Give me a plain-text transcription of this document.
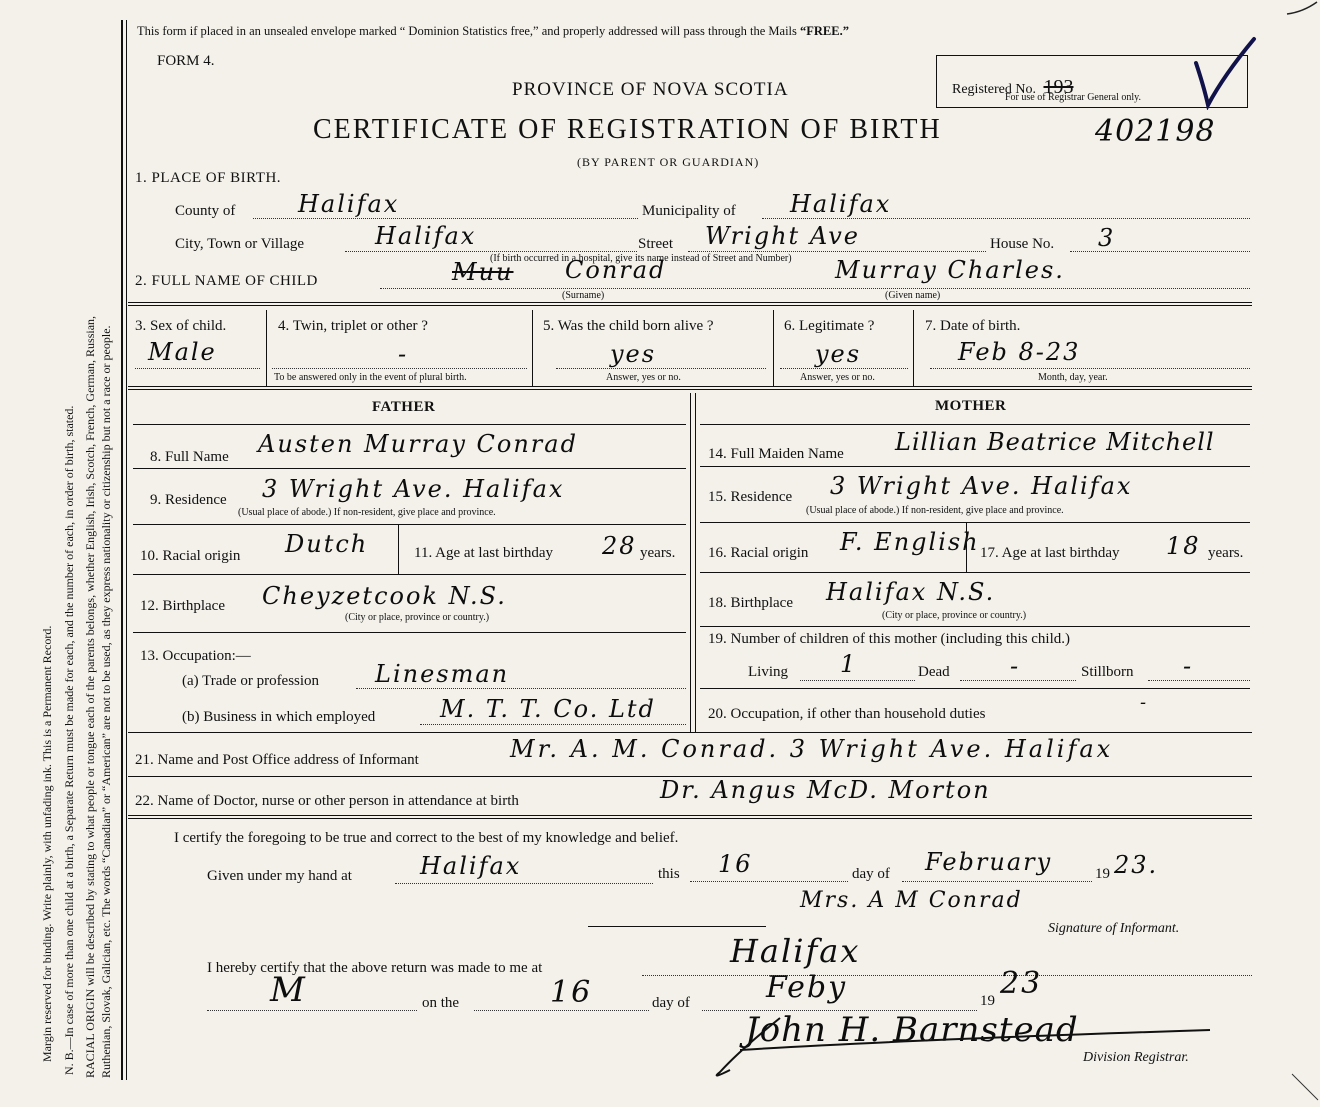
Margin reserved for binding. Write plainly, with unfading ink. This is a Permanent Record. N. B.—In case of more than one child at a birth, a Separate Return must be made for each, and the number of each, in order of birth, stated. RACIAL ORIGIN will be described by stating to what people or tongue each of the parents belongs, whether English, Irish, Scotch, French, German, Russian, Ruthenian, Slovak, Galician, etc. The words “Canadian” or “American” are not to be used, as they express nationality or citizenship but not a race or people.
This form if placed in an unsealed envelope marked “ Dominion Statistics free,” and properly addressed will pass through the Mails “FREE.”
FORM 4.
PROVINCE OF NOVA SCOTIA
CERTIFICATE OF REGISTRATION OF BIRTH
(BY PARENT OR GUARDIAN)
Registered No. 193
For use of Registrar General only.
402198
1. PLACE OF BIRTH.
County of	Halifax	Municipality of Halifax
City, Town or Village	Halifax	Street Wright Ave	House No. 3
(If birth occurred in a hospital, give its name instead of Street and Number)
2. FULL NAME OF CHILD	Muu Conrad
(Surname)
Murray Charles.
(Given name)
3. Sex of child.
Male
4. Twin, triplet or other ?
-
To be answered only in the event of plural birth.
5. Was the child born alive ?
yes
Answer, yes or no.
6. Legitimate ?
yes
Answer, yes or no.
7. Date of birth.
Feb 8-23
Month, day, year.
FATHER	MOTHER
8. Full Name Austen Murray Conrad
9. Residence 3 Wright Ave. Halifax
(Usual place of abode.) If non-resident, give place and province.
10. Racial origin Dutch	11. Age at last birthday 28 years.
12. Birthplace Cheyzetcook N.S.
(City or place, province or country.)
13. Occupation:—
(a) Trade or profession Linesman
(b) Business in which employed	M. T. T. Co. Ltd
14. Full Maiden Name Lillian Beatrice Mitchell
15. Residence 3 Wright Ave. Halifax
(Usual place of abode.) If non-resident, give place and province.
16. Racial origin F. English 17. Age at last birthday 18 years.
18. Birthplace Halifax N.S.
(City or place, province or country.)
19. Number of children of this mother (including this child.)
Living 1	Dead	-	Stillborn -
20. Occupation, if other than household duties
-
21. Name and Post Office address of Informant	Mr. A. M. Conrad. 3 Wright Ave. Halifax
22. Name of Doctor, nurse or other person in attendance at birth	Dr. Angus McD. Morton
I certify the foregoing to be true and correct to the best of my knowledge and belief.
Given under my hand at	Halifax	this 16	day of February	19 23.
Mrs. A M Conrad
Signature of Informant.
I hereby certify that the above return was made to me at	Halifax
M	on the	16	day of	Feby	19 23
John H. Barnstead
Division Registrar.
